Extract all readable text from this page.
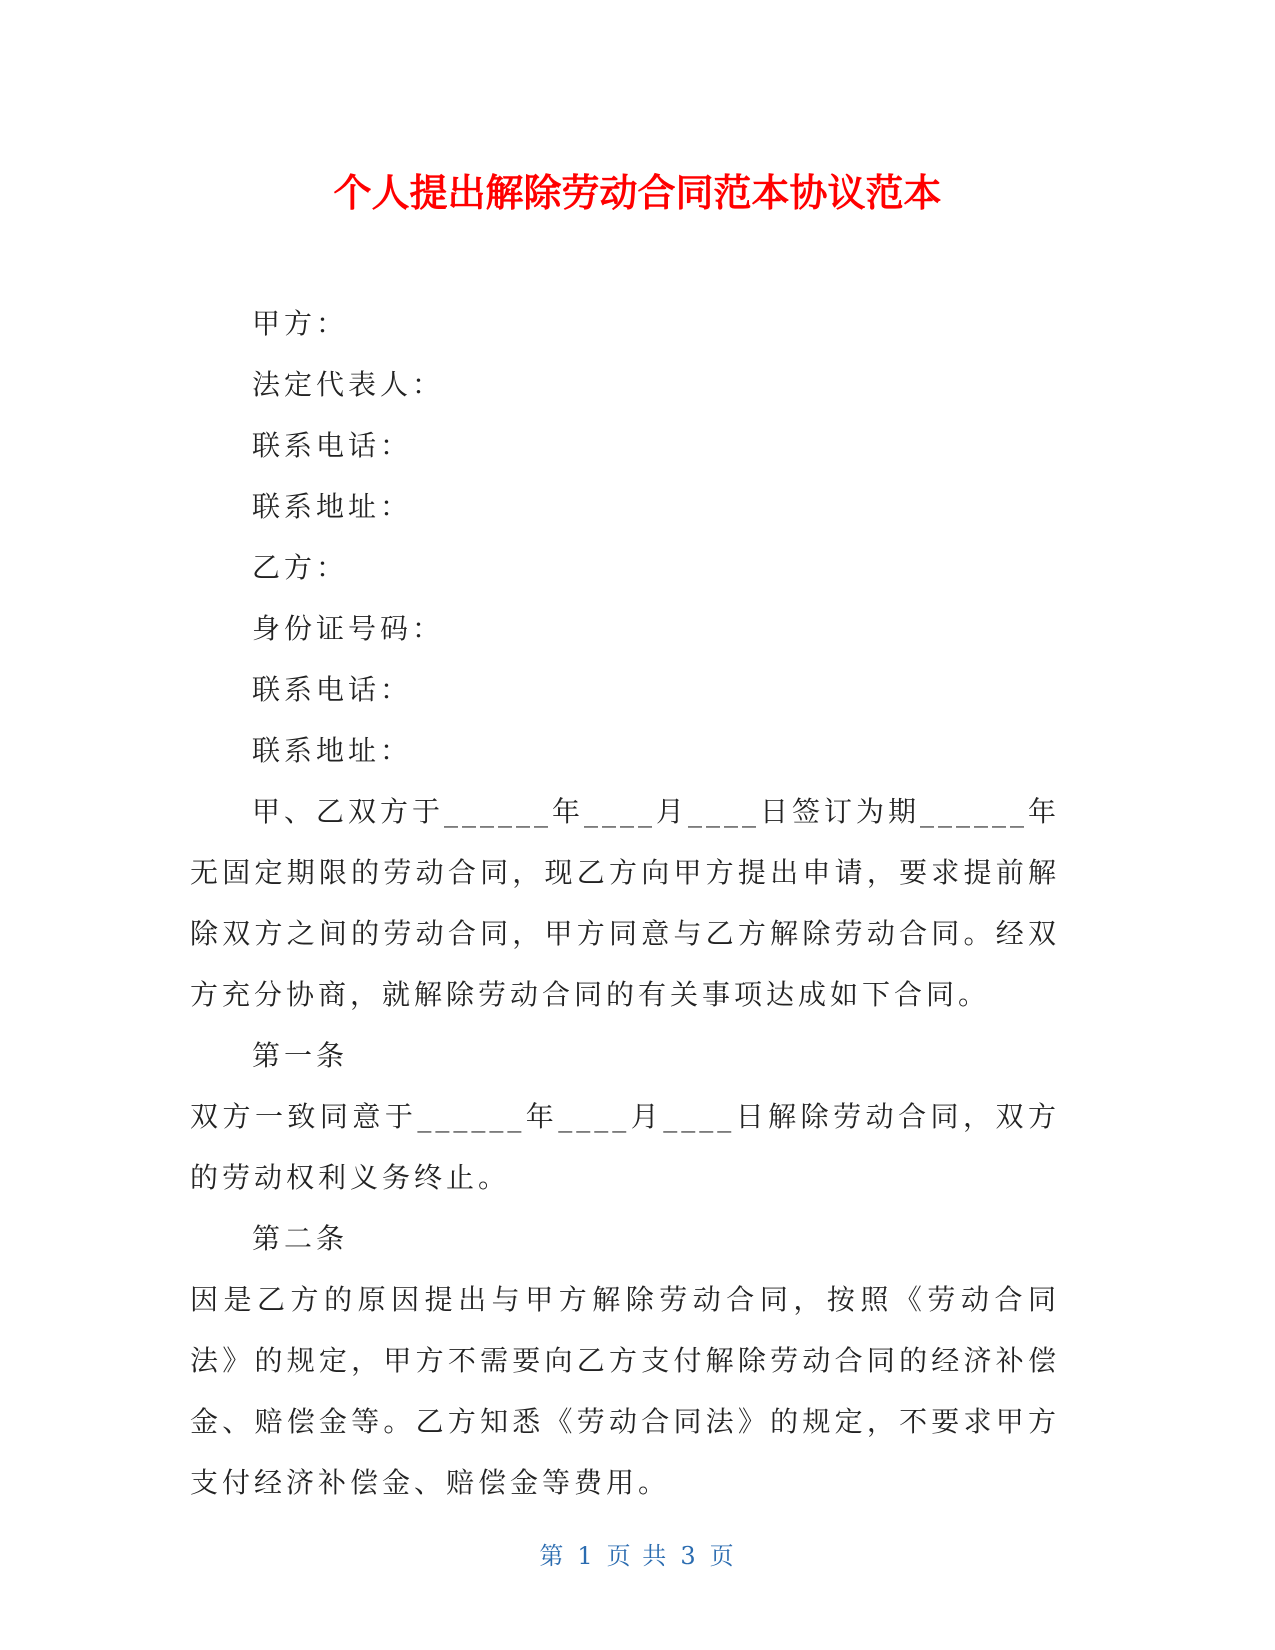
个人提出解除劳动合同范本协议范本

甲方：

法定代表人：

联系电话：

联系地址：

乙方：

身份证号码：

联系电话：

联系地址：

甲、乙双方于______年____月____日签订为期______年无固定期限的劳动合同，现乙方向甲方提出申请，要求提前解除双方之间的劳动合同，甲方同意与乙方解除劳动合同。经双方充分协商，就解除劳动合同的有关事项达成如下合同。

第一条

双方一致同意于______年____月____日解除劳动合同，双方的劳动权利义务终止。

第二条

因是乙方的原因提出与甲方解除劳动合同，按照《劳动合同法》的规定，甲方不需要向乙方支付解除劳动合同的经济补偿金、赔偿金等。乙方知悉《劳动合同法》的规定，不要求甲方支付经济补偿金、赔偿金等费用。

第 1 页 共 3 页
